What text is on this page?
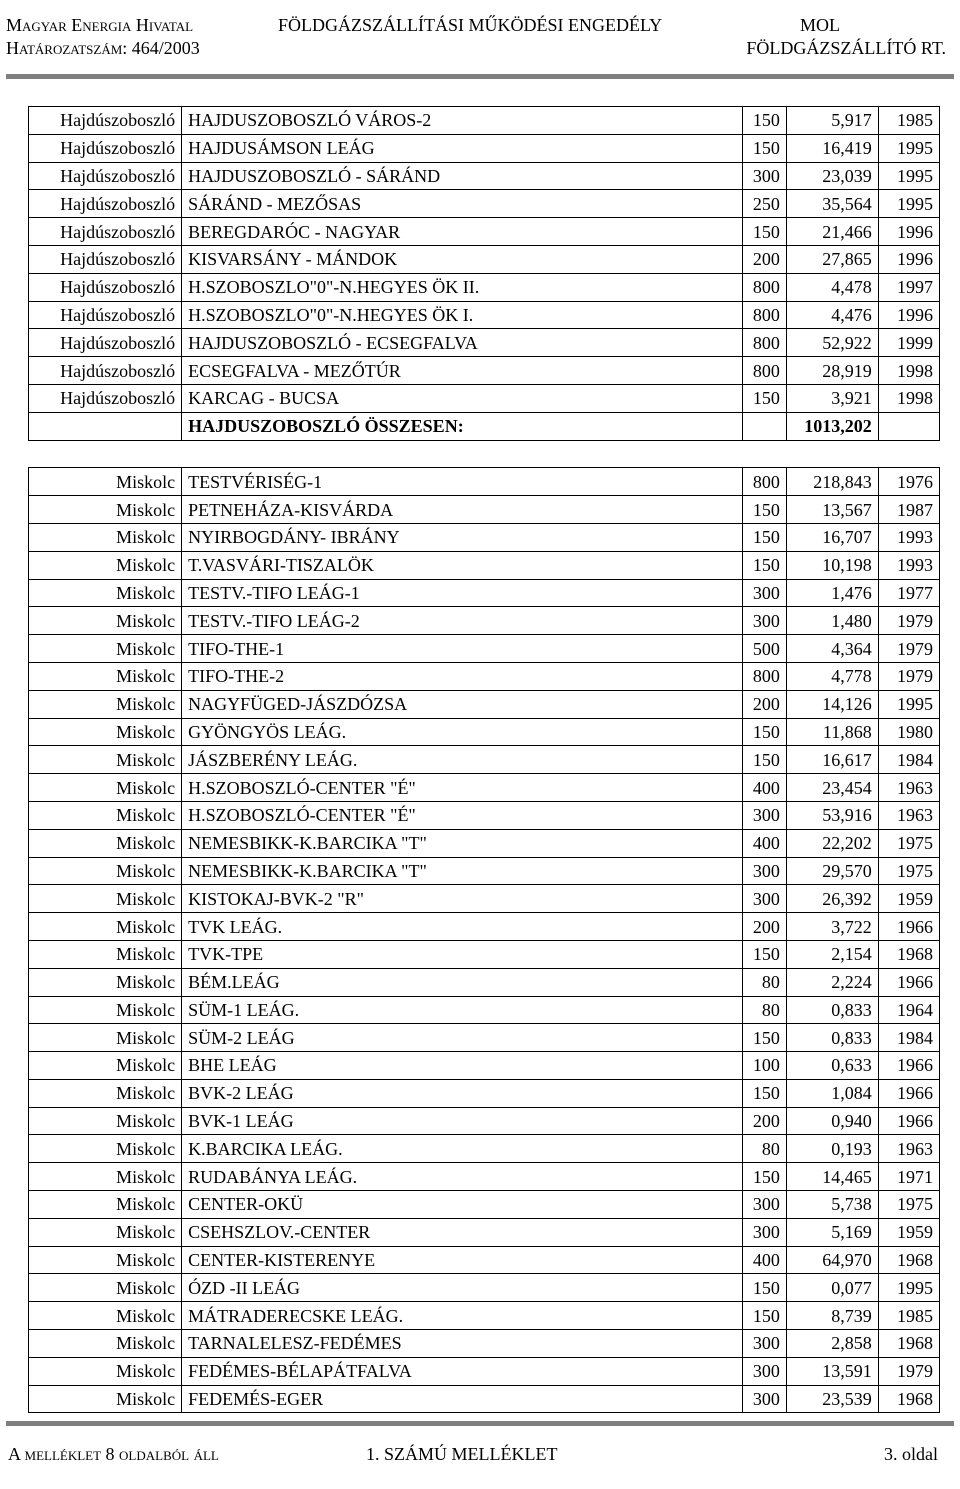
Magyar Energia Hivatal
Határozatszám: 464/2003
FÖLDGÁZSZÁLLÍTÁSI MŰKÖDÉSI ENGEDÉLY	MOL
FÖLDGÁZSZÁLLÍTÓ RT.
Hajdúszoboszló	HAJDUSZOBOSZLÓ VÁROS-2	150	5,917	1985
Hajdúszoboszló	HAJDUSÁMSON LEÁG	150	16,419	1995
Hajdúszoboszló	HAJDUSZOBOSZLÓ - SÁRÁND	300	23,039	1995
Hajdúszoboszló	SÁRÁND - MEZŐSAS	250	35,564	1995
Hajdúszoboszló	BEREGDARÓC - NAGYAR	150	21,466	1996
Hajdúszoboszló	KISVARSÁNY - MÁNDOK	200	27,865	1996
Hajdúszoboszló	H.SZOBOSZLO"0"-N.HEGYES ÖK II.	800	4,478	1997
Hajdúszoboszló	H.SZOBOSZLO"0"-N.HEGYES ÖK I.	800	4,476	1996
Hajdúszoboszló	HAJDUSZOBOSZLÓ - ECSEGFALVA	800	52,922	1999
Hajdúszoboszló	ECSEGFALVA - MEZŐTÚR	800	28,919	1998
Hajdúszoboszló	KARCAG - BUCSA	150	3,921	1998
	HAJDUSZOBOSZLÓ ÖSSZESEN:		1013,202	

Miskolc	TESTVÉRISÉG-1	800	218,843	1976
Miskolc	PETNEHÁZA-KISVÁRDA	150	13,567	1987
Miskolc	NYIRBOGDÁNY- IBRÁNY	150	16,707	1993
Miskolc	T.VASVÁRI-TISZALÖK	150	10,198	1993
Miskolc	TESTV.-TIFO LEÁG-1	300	1,476	1977
Miskolc	TESTV.-TIFO LEÁG-2	300	1,480	1979
Miskolc	TIFO-THE-1	500	4,364	1979
Miskolc	TIFO-THE-2	800	4,778	1979
Miskolc	NAGYFÜGED-JÁSZDÓZSA	200	14,126	1995
Miskolc	GYÖNGYÖS LEÁG.	150	11,868	1980
Miskolc	JÁSZBERÉNY LEÁG.	150	16,617	1984
Miskolc	H.SZOBOSZLÓ-CENTER "É"	400	23,454	1963
Miskolc	H.SZOBOSZLÓ-CENTER "É"	300	53,916	1963
Miskolc	NEMESBIKK-K.BARCIKA "T"	400	22,202	1975
Miskolc	NEMESBIKK-K.BARCIKA "T"	300	29,570	1975
Miskolc	KISTOKAJ-BVK-2 "R"	300	26,392	1959
Miskolc	TVK LEÁG.	200	3,722	1966
Miskolc	TVK-TPE	150	2,154	1968
Miskolc	BÉM.LEÁG	80	2,224	1966
Miskolc	SÜM-1 LEÁG.	80	0,833	1964
Miskolc	SÜM-2 LEÁG	150	0,833	1984
Miskolc	BHE LEÁG	100	0,633	1966
Miskolc	BVK-2 LEÁG	150	1,084	1966
Miskolc	BVK-1 LEÁG	200	0,940	1966
Miskolc	K.BARCIKA LEÁG.	80	0,193	1963
Miskolc	RUDABÁNYA LEÁG.	150	14,465	1971
Miskolc	CENTER-OKÜ	300	5,738	1975
Miskolc	CSEHSZLOV.-CENTER	300	5,169	1959
Miskolc	CENTER-KISTERENYE	400	64,970	1968
Miskolc	ÓZD -II LEÁG	150	0,077	1995
Miskolc	MÁTRADERECSKE LEÁG.	150	8,739	1985
Miskolc	TARNALELESZ-FEDÉMES	300	2,858	1968
Miskolc	FEDÉMES-BÉLAPÁTFALVA	300	13,591	1979
Miskolc	FEDEMÉS-EGER	300	23,539	1968
A melléklet 8 oldalból áll	1. SZÁMÚ MELLÉKLET	3. oldal
